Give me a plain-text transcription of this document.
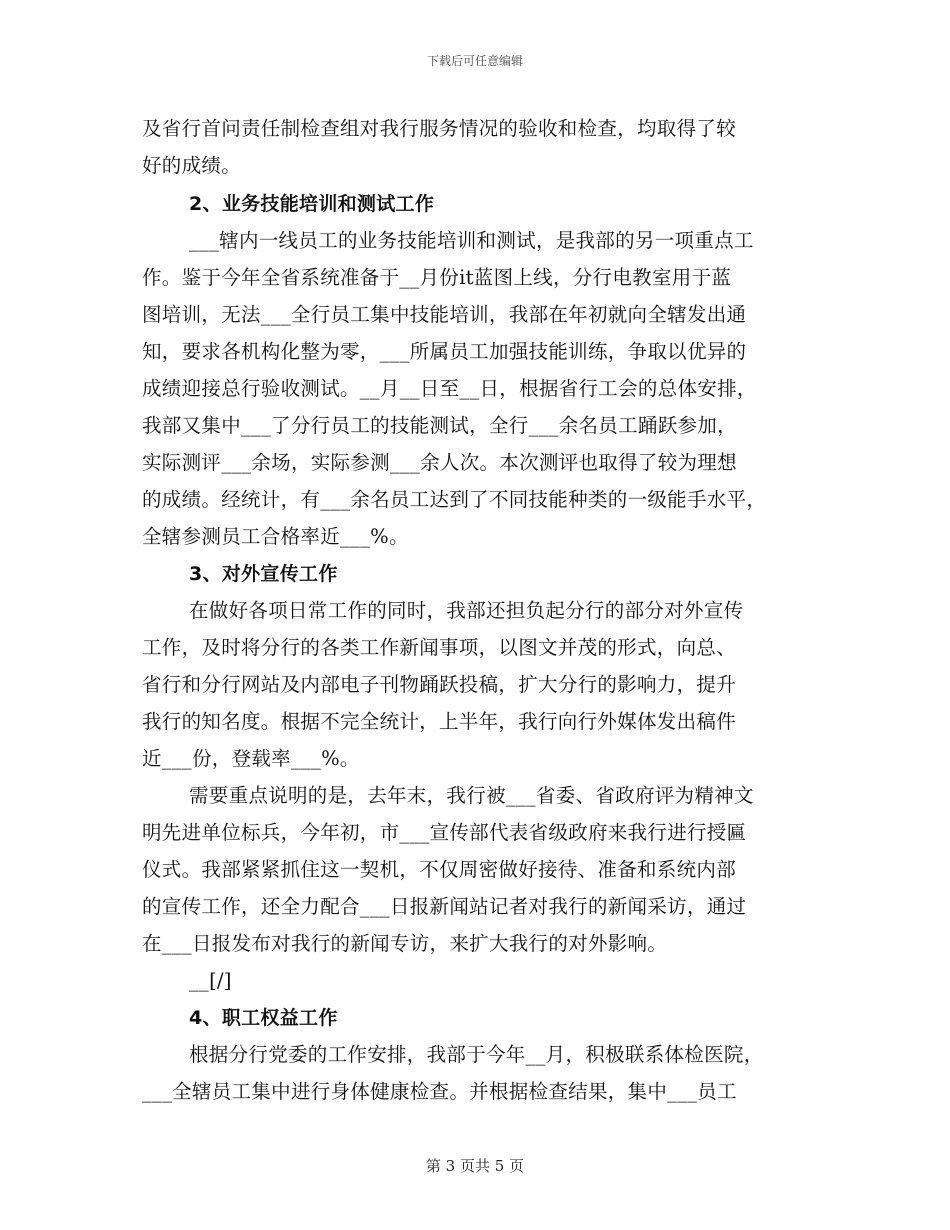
下载后可任意编辑
及省行首问责任制检查组对我行服务情况的验收和检查，均取得了较
好的成绩。
2、业务技能培训和测试工作
___辖内一线员工的业务技能培训和测试，是我部的另一项重点工
作。鉴于今年全省系统准备于__月份it蓝图上线，分行电教室用于蓝
图培训，无法___全行员工集中技能培训，我部在年初就向全辖发出通
知，要求各机构化整为零，___所属员工加强技能训练，争取以优异的
成绩迎接总行验收测试。__月__日至__日，根据省行工会的总体安排，
我部又集中___了分行员工的技能测试，全行___余名员工踊跃参加，
实际测评___余场，实际参测___余人次。本次测评也取得了较为理想
的成绩。经统计，有___余名员工达到了不同技能种类的一级能手水平，
全辖参测员工合格率近___%。
3、对外宣传工作
在做好各项日常工作的同时，我部还担负起分行的部分对外宣传
工作，及时将分行的各类工作新闻事项，以图文并茂的形式，向总、
省行和分行网站及内部电子刊物踊跃投稿，扩大分行的影响力，提升
我行的知名度。根据不完全统计，上半年，我行向行外媒体发出稿件
近___份，登载率___%。
需要重点说明的是，去年末，我行被___省委、省政府评为精神文
明先进单位标兵，今年初，市___宣传部代表省级政府来我行进行授匾
仪式。我部紧紧抓住这一契机，不仅周密做好接待、准备和系统内部
的宣传工作，还全力配合___日报新闻站记者对我行的新闻采访，通过
在___日报发布对我行的新闻专访，来扩大我行的对外影响。
__[/]
4、职工权益工作
根据分行党委的工作安排，我部于今年__月，积极联系体检医院，
___全辖员工集中进行身体健康检查。并根据检查结果，集中___员工
第 3 页共 5 页
